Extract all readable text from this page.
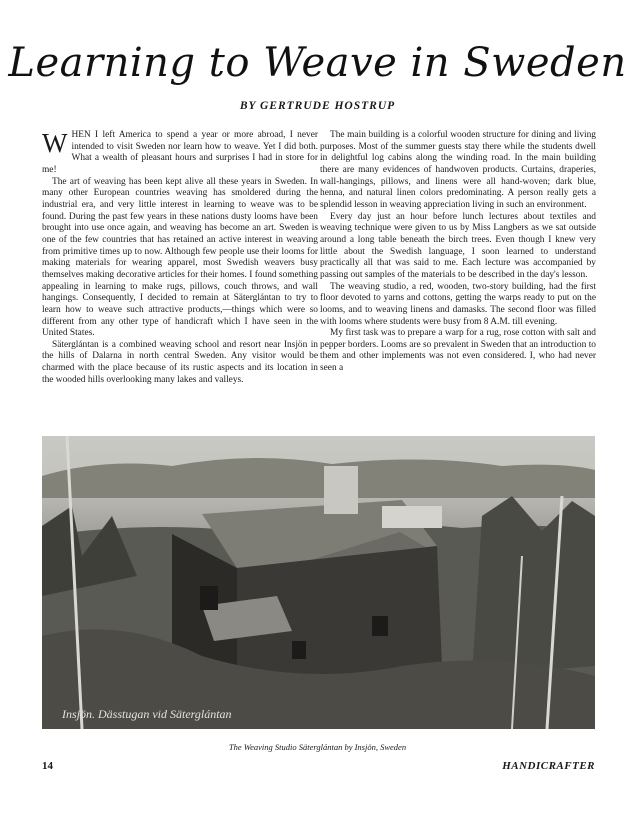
Learning to Weave in Sweden
BY GERTRUDE HOSTRUP

WHEN I left America to spend a year or more abroad, I never intended to visit Sweden nor learn how to weave. Yet I did both. What a wealth of pleasant hours and surprises I had in store for me!

The art of weaving has been kept alive all these years in Sweden. In many other European countries weaving has smoldered during the industrial era, and very little interest in learning to weave was to be found. During the past few years in these nations dusty looms have been brought into use once again, and weaving has become an art. Sweden is one of the few countries that has retained an active interest in weaving from primitive times up to now. Although few people use their looms for making materials for wearing apparel, most Swedish weavers busy themselves making decorative articles for their homes. I found something appealing in learning to make rugs, pillows, couch throws, and wall hangings. Consequently, I decided to remain at Säterglántan to try to learn how to weave such attractive products,—things which were so different from any other type of handicraft which I have seen in the United States.

Säterglántan is a combined weaving school and resort near Insjön in the hills of Dalarna in north central Sweden. Any visitor would be charmed with the place because of its rustic aspects and its location in the wooded hills overlooking many lakes and valleys.

The main building is a colorful wooden structure for dining and living purposes. Most of the summer guests stay there while the students dwell in delightful log cabins along the winding road. In the main building there are many evidences of handwoven products. Curtains, draperies, wall-hangings, pillows, and linens were all hand-woven; dark blue, henna, and natural linen colors predominating. A person really gets a splendid lesson in weaving appreciation living in such an environment.

Every day just an hour before lunch lectures about textiles and weaving technique were given to us by Miss Langbers as we sat outside around a long table beneath the birch trees. Even though I knew very little about the Swedish language, I soon learned to understand practically all that was said to me. Each lecture was accompanied by passing out samples of the materials to be described in the day's lesson.

The weaving studio, a red, wooden, two-story building, had the first floor devoted to yarns and cottons, getting the warps ready to put on the looms, and to weaving linens and damasks. The second floor was filled with looms where students were busy from 8 A.M. till evening.

My first task was to prepare a warp for a rug, rose cotton with salt and pepper borders. Looms are so prevalent in Sweden that an introduction to them and other implements was not even considered. I, who had never seen a

Insjön. Dässtugan vid Säterglántan
The Weaving Studio Säterglántan by Insjön, Sweden
14	HANDICRAFTER
